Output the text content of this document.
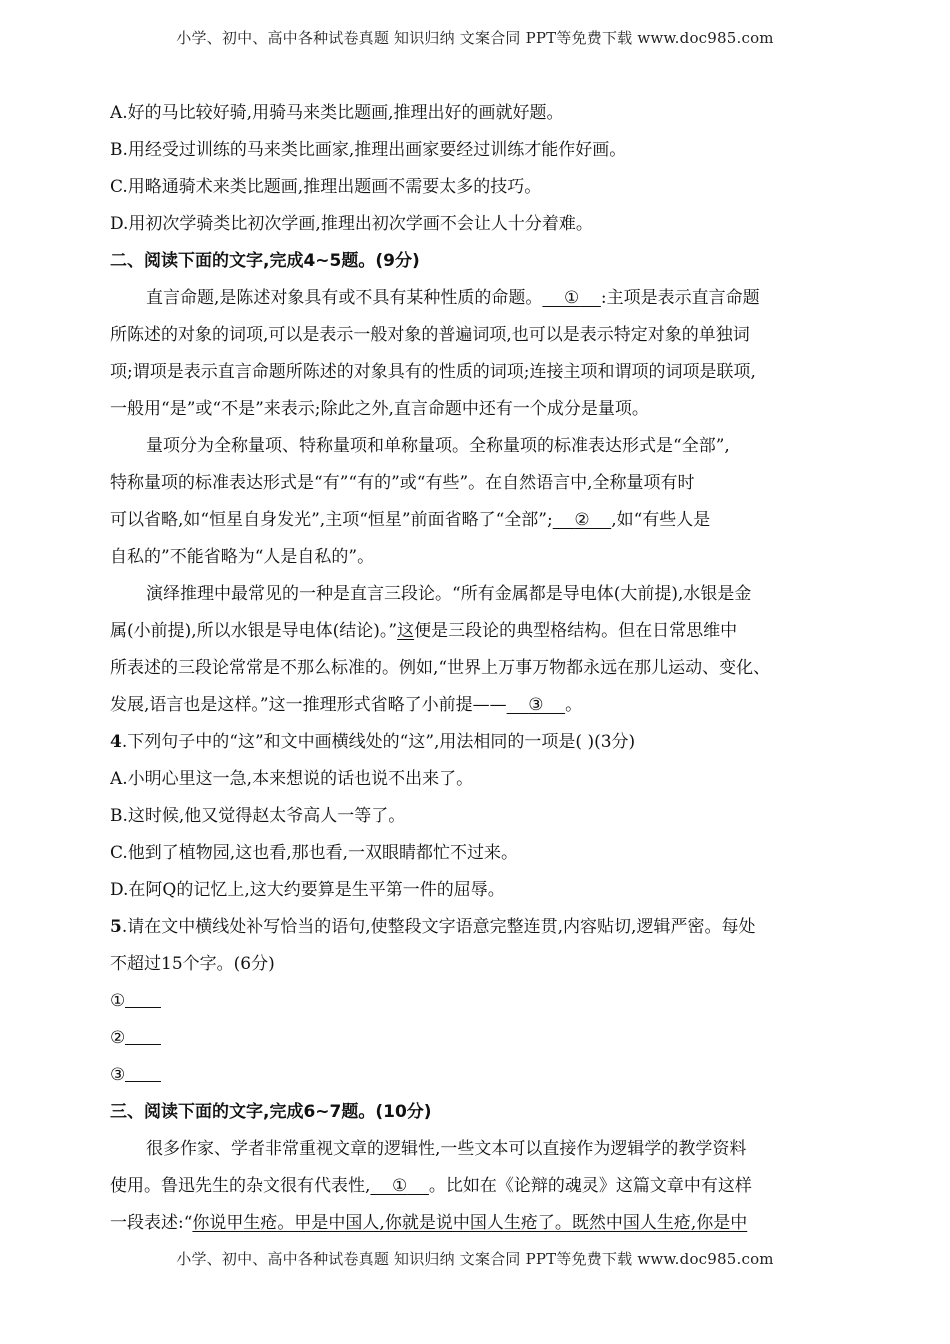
小学、初中、高中各种试卷真题 知识归纳 文案合同 PPT等免费下载 www.doc985.com
A.好的马比较好骑,用骑马来类比题画,推理出好的画就好题。
B.用经受过训练的马来类比画家,推理出画家要经过训练才能作好画。
C.用略通骑术来类比题画,推理出题画不需要太多的技巧。
D.用初次学骑类比初次学画,推理出初次学画不会让人十分着难。
二、阅读下面的文字,完成4~5题。(9分)
直言命题,是陈述对象具有或不具有某种性质的命题。 ① :主项是表示直言命题
所陈述的对象的词项,可以是表示一般对象的普遍词项,也可以是表示特定对象的单独词
项;谓项是表示直言命题所陈述的对象具有的性质的词项;连接主项和谓项的词项是联项,
一般用“是”或“不是”来表示;除此之外,直言命题中还有一个成分是量项。
量项分为全称量项、特称量项和单称量项。全称量项的标准表达形式是“全部”,
特称量项的标准表达形式是“有”“有的”或“有些”。在自然语言中,全称量项有时
可以省略,如“恒星自身发光”,主项“恒星”前面省略了“全部”; ② ,如“有些人是
自私的”不能省略为“人是自私的”。
演绎推理中最常见的一种是直言三段论。“所有金属都是导电体(大前提),水银是金
属(小前提),所以水银是导电体(结论)。”这便是三段论的典型格结构。但在日常思维中
所表述的三段论常常是不那么标准的。例如,“世界上万事万物都永远在那儿运动、变化、
发展,语言也是这样。”这一推理形式省略了小前提—— ③ 。
4.下列句子中的“这”和文中画横线处的“这”,用法相同的一项是( )(3分)
A.小明心里这一急,本来想说的话也说不出来了。
B.这时候,他又觉得赵太爷高人一等了。
C.他到了植物园,这也看,那也看,一双眼睛都忙不过来。
D.在阿Q的记忆上,这大约要算是生平第一件的屈辱。
5.请在文中横线处补写恰当的语句,使整段文字语意完整连贯,内容贴切,逻辑严密。每处
不超过15个字。(6分)
①
②
③
三、阅读下面的文字,完成6~7题。(10分)
很多作家、学者非常重视文章的逻辑性,一些文本可以直接作为逻辑学的教学资料
使用。鲁迅先生的杂文很有代表性, ① 。比如在《论辩的魂灵》这篇文章中有这样
一段表述:“你说甲生疮。甲是中国人,你就是说中国人生疮了。既然中国人生疮,你是中
小学、初中、高中各种试卷真题 知识归纳 文案合同 PPT等免费下载 www.doc985.com
